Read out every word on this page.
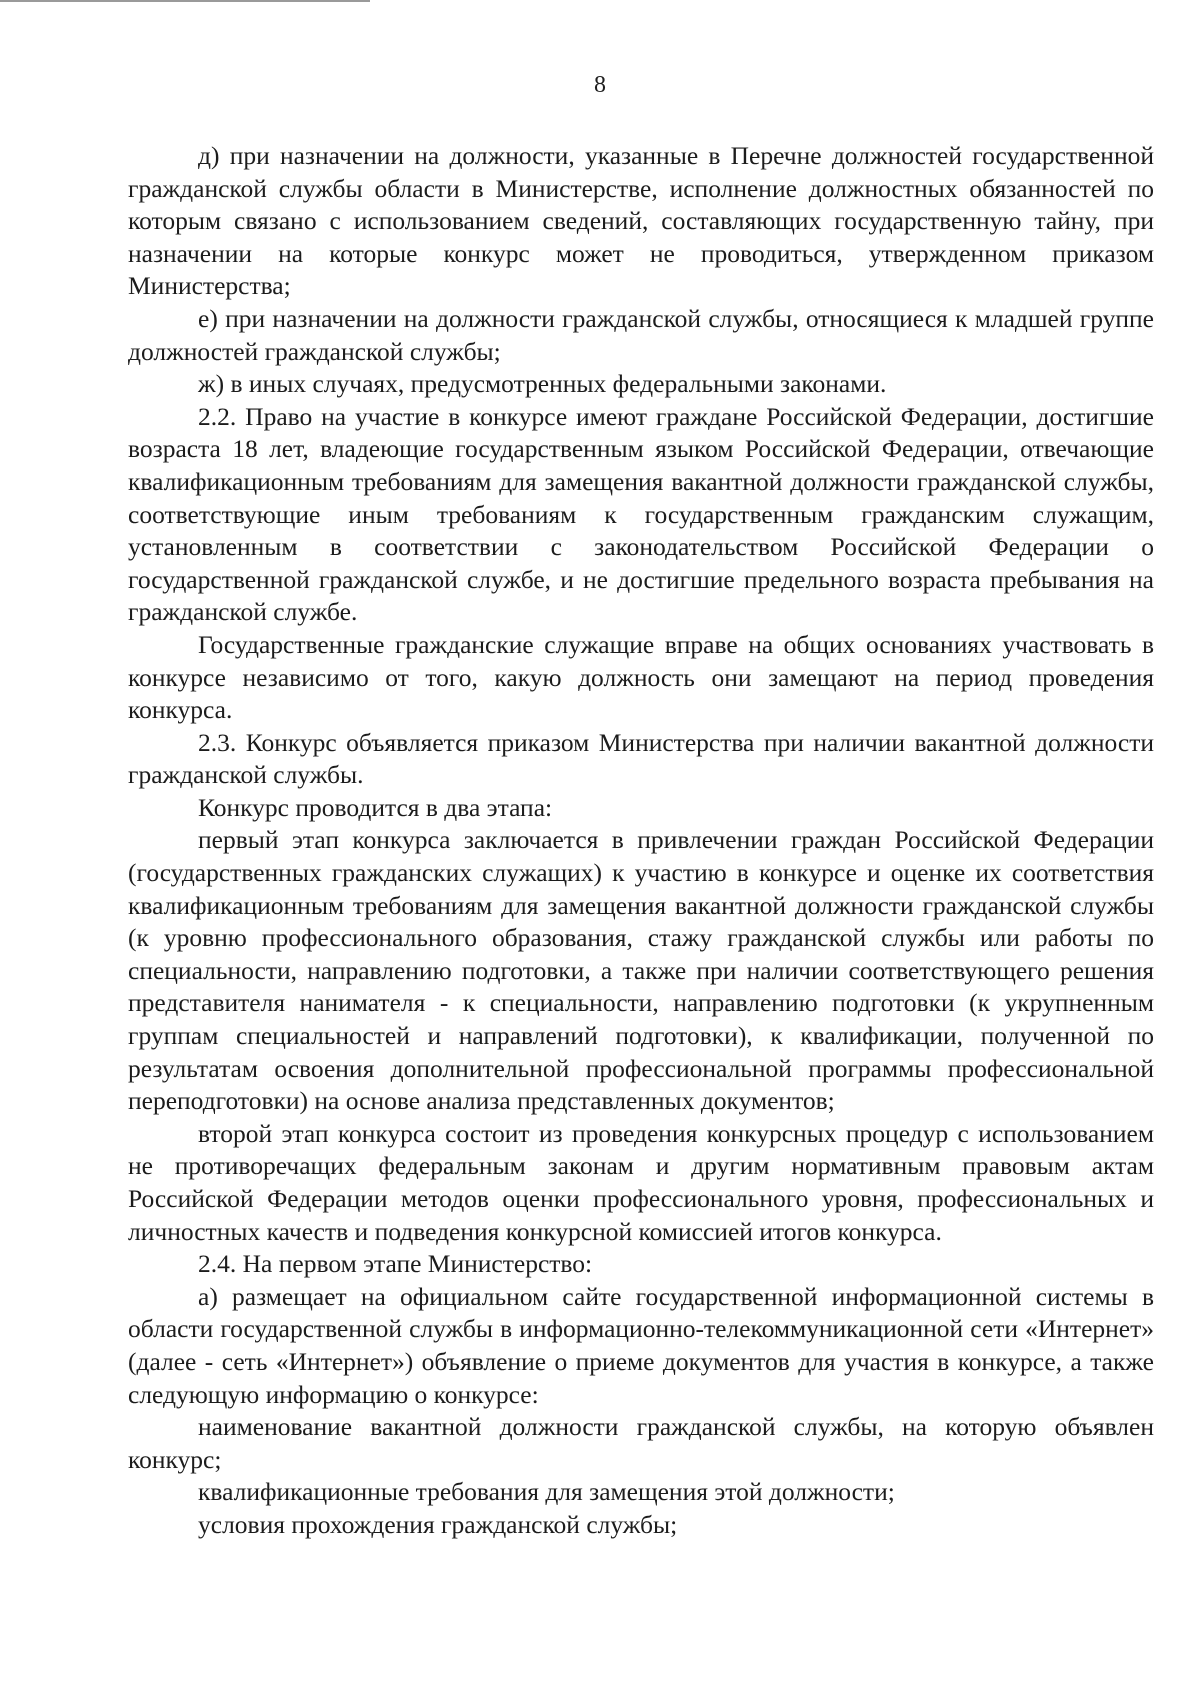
8

д) при назначении на должности, указанные в Перечне должностей государственной гражданской службы области в Министерстве, исполнение должностных обязанностей по которым связано с использованием сведений, составляющих государственную тайну, при назначении на которые конкурс может не проводиться, утвержденном приказом Министерства;

е) при назначении на должности гражданской службы, относящиеся к младшей группе должностей гражданской службы;

ж) в иных случаях, предусмотренных федеральными законами.

2.2. Право на участие в конкурсе имеют граждане Российской Федерации, достигшие возраста 18 лет, владеющие государственным языком Российской Федерации, отвечающие квалификационным требованиям для замещения вакантной должности гражданской службы, соответствующие иным требованиям к государственным гражданским служащим, установленным в соответствии с законодательством Российской Федерации о государственной гражданской службе, и не достигшие предельного возраста пребывания на гражданской службе.

Государственные гражданские служащие вправе на общих основаниях участвовать в конкурсе независимо от того, какую должность они замещают на период проведения конкурса.

2.3. Конкурс объявляется приказом Министерства при наличии вакантной должности гражданской службы.

Конкурс проводится в два этапа:

первый этап конкурса заключается в привлечении граждан Российской Федерации (государственных гражданских служащих) к участию в конкурсе и оценке их соответствия квалификационным требованиям для замещения вакантной должности гражданской службы (к уровню профессионального образования, стажу гражданской службы или работы по специальности, направлению подготовки, а также при наличии соответствующего решения представителя нанимателя - к специальности, направлению подготовки (к укрупненным группам специальностей и направлений подготовки), к квалификации, полученной по результатам освоения дополнительной профессиональной программы профессиональной переподготовки) на основе анализа представленных документов;

второй этап конкурса состоит из проведения конкурсных процедур с использованием не противоречащих федеральным законам и другим нормативным правовым актам Российской Федерации методов оценки профессионального уровня, профессиональных и личностных качеств и подведения конкурсной комиссией итогов конкурса.

2.4. На первом этапе Министерство:

а) размещает на официальном сайте государственной информационной системы в области государственной службы в информационно-телекоммуникационной сети «Интернет» (далее - сеть «Интернет») объявление о приеме документов для участия в конкурсе, а также следующую информацию о конкурсе:

наименование вакантной должности гражданской службы, на которую объявлен конкурс;

квалификационные требования для замещения этой должности;

условия прохождения гражданской службы;
